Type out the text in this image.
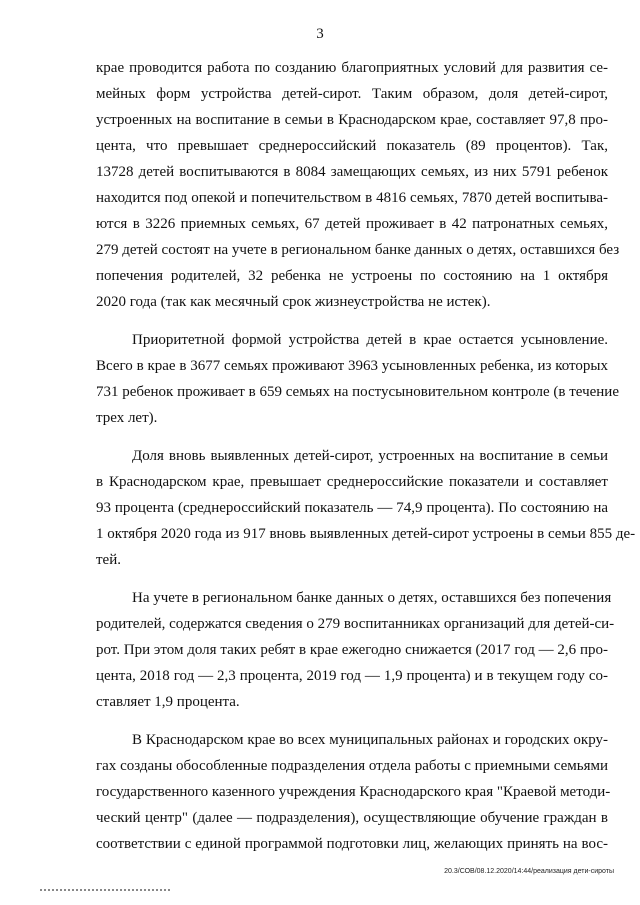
3
крае проводится работа по созданию благоприятных условий для развития се-
мейных форм устройства детей-сирот. Таким образом, доля детей-сирот,
устроенных на воспитание в семьи в Краснодарском крае, составляет 97,8 про-
цента, что превышает среднероссийский показатель (89 процентов). Так,
13728 детей воспитываются в 8084 замещающих семьях, из них 5791 ребенок
находится под опекой и попечительством в 4816 семьях, 7870 детей воспитыва-
ются в 3226 приемных семьях, 67 детей проживает в 42 патронатных семьях,
279 детей состоят на учете в региональном банке данных о детях, оставшихся без
попечения родителей, 32 ребенка не устроены по состоянию на 1 октября
2020 года (так как месячный срок жизнеустройства не истек).
Приоритетной формой устройства детей в крае остается усыновление.
Всего в крае в 3677 семьях проживают 3963 усыновленных ребенка, из которых
731 ребенок проживает в 659 семьях на постусыновительном контроле (в течение
трех лет).
Доля вновь выявленных детей-сирот, устроенных на воспитание в семьи
в Краснодарском крае, превышает среднероссийские показатели и составляет
93 процента (среднероссийский показатель — 74,9 процента). По состоянию на
1 октября 2020 года из 917 вновь выявленных детей-сирот устроены в семьи 855 де-
тей.
На учете в региональном банке данных о детях, оставшихся без попечения
родителей, содержатся сведения о 279 воспитанниках организаций для детей-си-
рот. При этом доля таких ребят в крае ежегодно снижается (2017 год — 2,6 про-
цента, 2018 год — 2,3 процента, 2019 год — 1,9 процента) и в текущем году со-
ставляет 1,9 процента.
В Краснодарском крае во всех муниципальных районах и городских окру-
гах созданы обособленные подразделения отдела работы с приемными семьями
государственного казенного учреждения Краснодарского края "Краевой методи-
ческий центр" (далее — подразделения), осуществляющие обучение граждан в
соответствии с единой программой подготовки лиц, желающих принять на вос-
20.3/СОВ/08.12.2020/14:44/реализация дети-сироты
